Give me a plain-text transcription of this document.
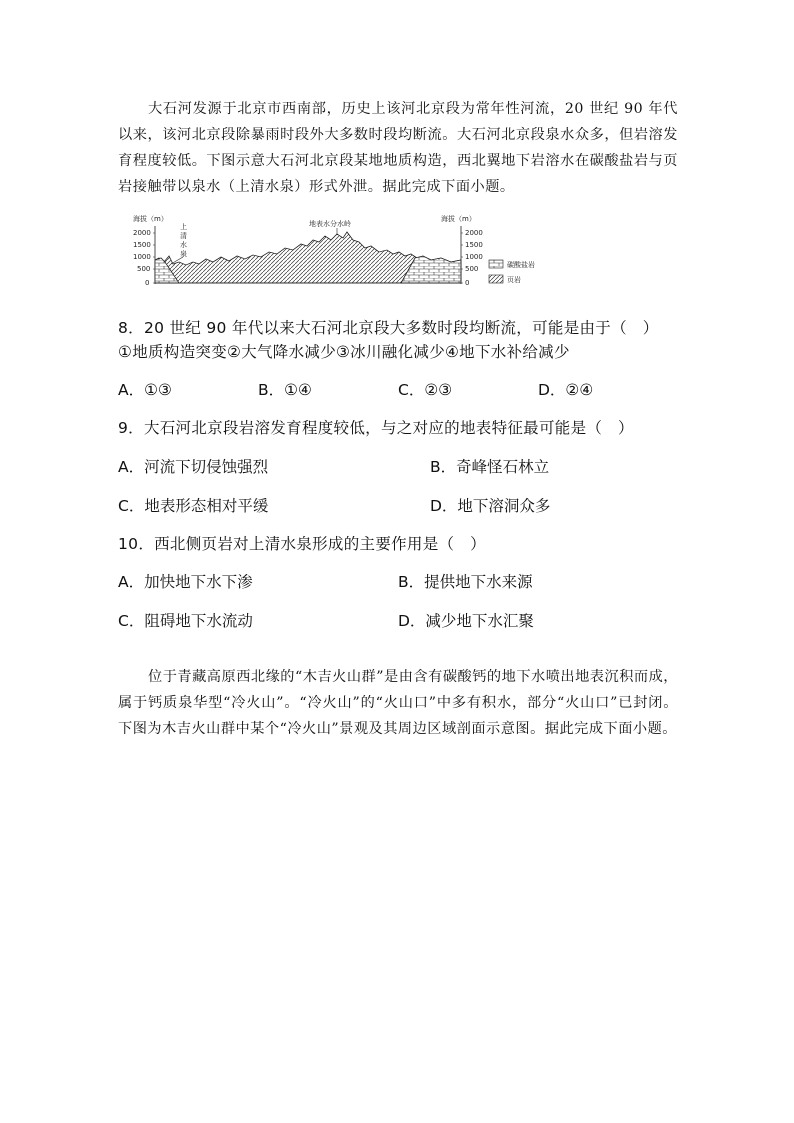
大石河发源于北京市西南部，历史上该河北京段为常年性河流，20 世纪 90 年代以来，该河北京段除暴雨时段外大多数时段均断流。大石河北京段泉水众多，但岩溶发育程度较低。下图示意大石河北京段某地地质构造，西北翼地下岩溶水在碳酸盐岩与页岩接触带以泉水（上清水泉）形式外泄。据此完成下面小题。

海拔（m）
2000
1500
1000
500
0
上
清
水
泉
地表水分水岭
海拔（m）
2000
1500
1000
500
0
碳酸盐岩
页岩
8．20 世纪 90 年代以来大石河北京段大多数时段均断流，可能是由于（　）
①地质构造突变②大气降水减少③冰川融化减少④地下水补给减少
A．①③	B．①④	C．②③	D．②④
9．大石河北京段岩溶发育程度较低，与之对应的地表特征最可能是（　）
A．河流下切侵蚀强烈	B．奇峰怪石林立
C．地表形态相对平缓	D．地下溶洞众多
10．西北侧页岩对上清水泉形成的主要作用是（　）
A．加快地下水下渗	B．提供地下水来源
C．阻碍地下水流动	D．减少地下水汇聚

位于青藏高原西北缘的“木吉火山群”是由含有碳酸钙的地下水喷出地表沉积而成，属于钙质泉华型“冷火山”。“冷火山”的“火山口”中多有积水，部分“火山口”已封闭。下图为木吉火山群中某个“冷火山”景观及其周边区域剖面示意图。据此完成下面小题。
